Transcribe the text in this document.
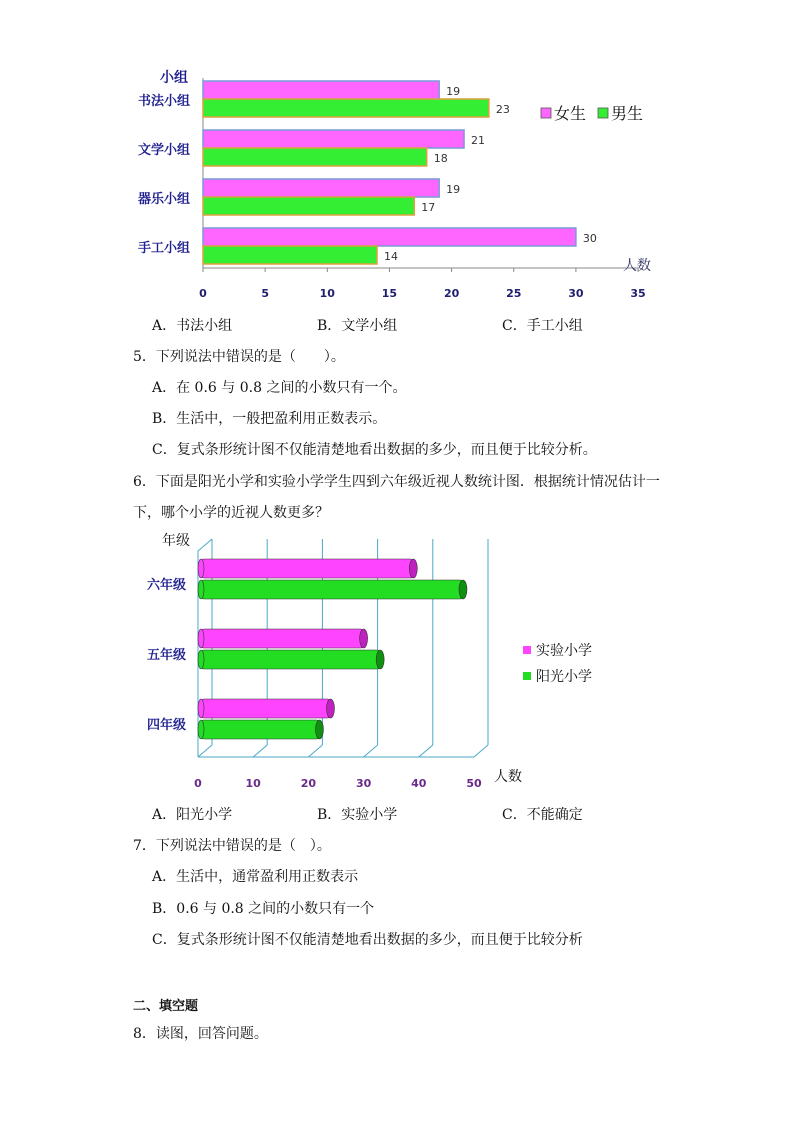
小组
19
23
21
18
19
17
30
14
书法小组
文学小组
器乐小组
手工小组
0	5	10	15	20	25	30	35
人数
女生 男生
A．书法小组	B．文学小组	C．手工小组
5．下列说法中错误的是（　　）。
A．在 0.6 与 0.8 之间的小数只有一个。
B．生活中，一般把盈利用正数表示。
C．复式条形统计图不仅能清楚地看出数据的多少，而且便于比较分析。
6．下面是阳光小学和实验小学学生四到六年级近视人数统计图．根据统计情况估计一
下，哪个小学的近视人数更多？
年级
六年级
五年级
四年级
0	10	20	30	40	50 人数
实验小学
阳光小学
A．阳光小学	B．实验小学	C．不能确定
7．下列说法中错误的是（　）。
A．生活中，通常盈利用正数表示
B．0.6 与 0.8 之间的小数只有一个
C．复式条形统计图不仅能清楚地看出数据的多少，而且便于比较分析
二、填空题
8．读图，回答问题。
